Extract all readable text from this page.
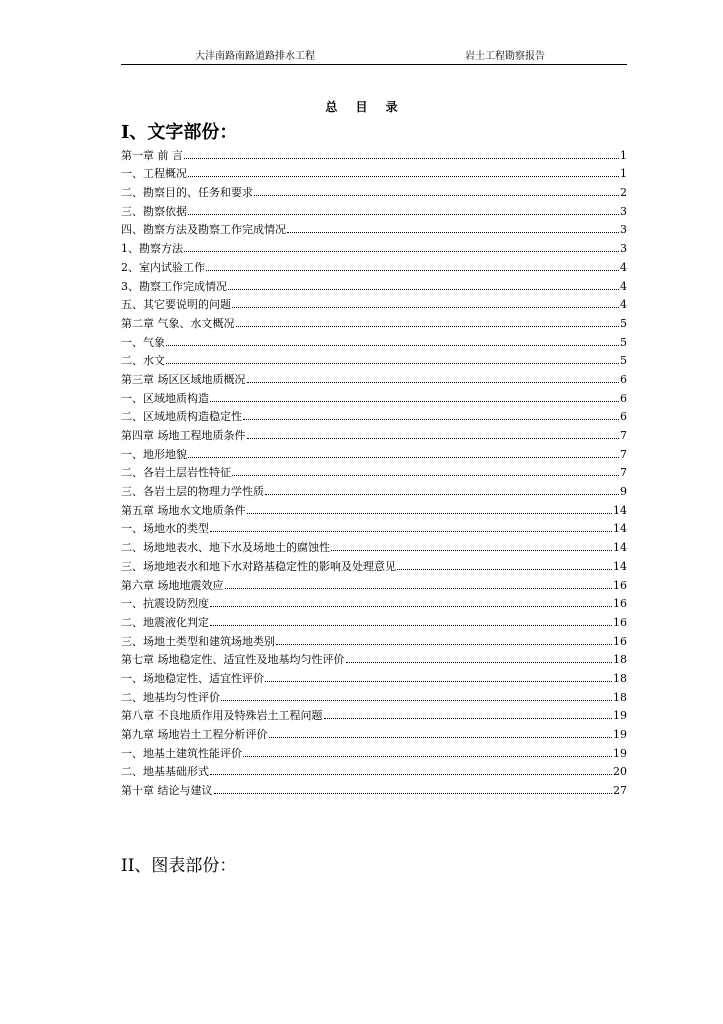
大沣南路南路道路排水工程	岩土工程勘察报告
总 目 录
I、文字部份：
第一章 前 言	1
一、工程概况	1
二、勘察目的、任务和要求	2
三、勘察依据	3
四、勘察方法及勘察工作完成情况	3
1、勘察方法	3
2、室内试验工作	4
3、勘察工作完成情况	4
五、其它要说明的问题	4
第二章 气象、水文概况	5
一、气象	5
二、水文	5
第三章 场区区域地质概况	6
一、区域地质构造	6
二、区域地质构造稳定性	6
第四章 场地工程地质条件	7
一、地形地貌	7
二、各岩土层岩性特征	7
三、各岩土层的物理力学性质	9
第五章 场地水文地质条件	14
一、场地水的类型	14
二、场地地表水、地下水及场地土的腐蚀性	14
三、场地地表水和地下水对路基稳定性的影响及处理意见	14
第六章 场地地震效应	16
一、抗震设防烈度	16
二、地震液化判定	16
三、场地土类型和建筑场地类别	16
第七章 场地稳定性、适宜性及地基均匀性评价	18
一、场地稳定性、适宜性评价	18
二、地基均匀性评价	18
第八章 不良地质作用及特殊岩土工程问题	19
第九章 场地岩土工程分析评价	19
一、地基土建筑性能评价	19
二、地基基础形式	20
第十章 结论与建议	27
II、图表部份：
